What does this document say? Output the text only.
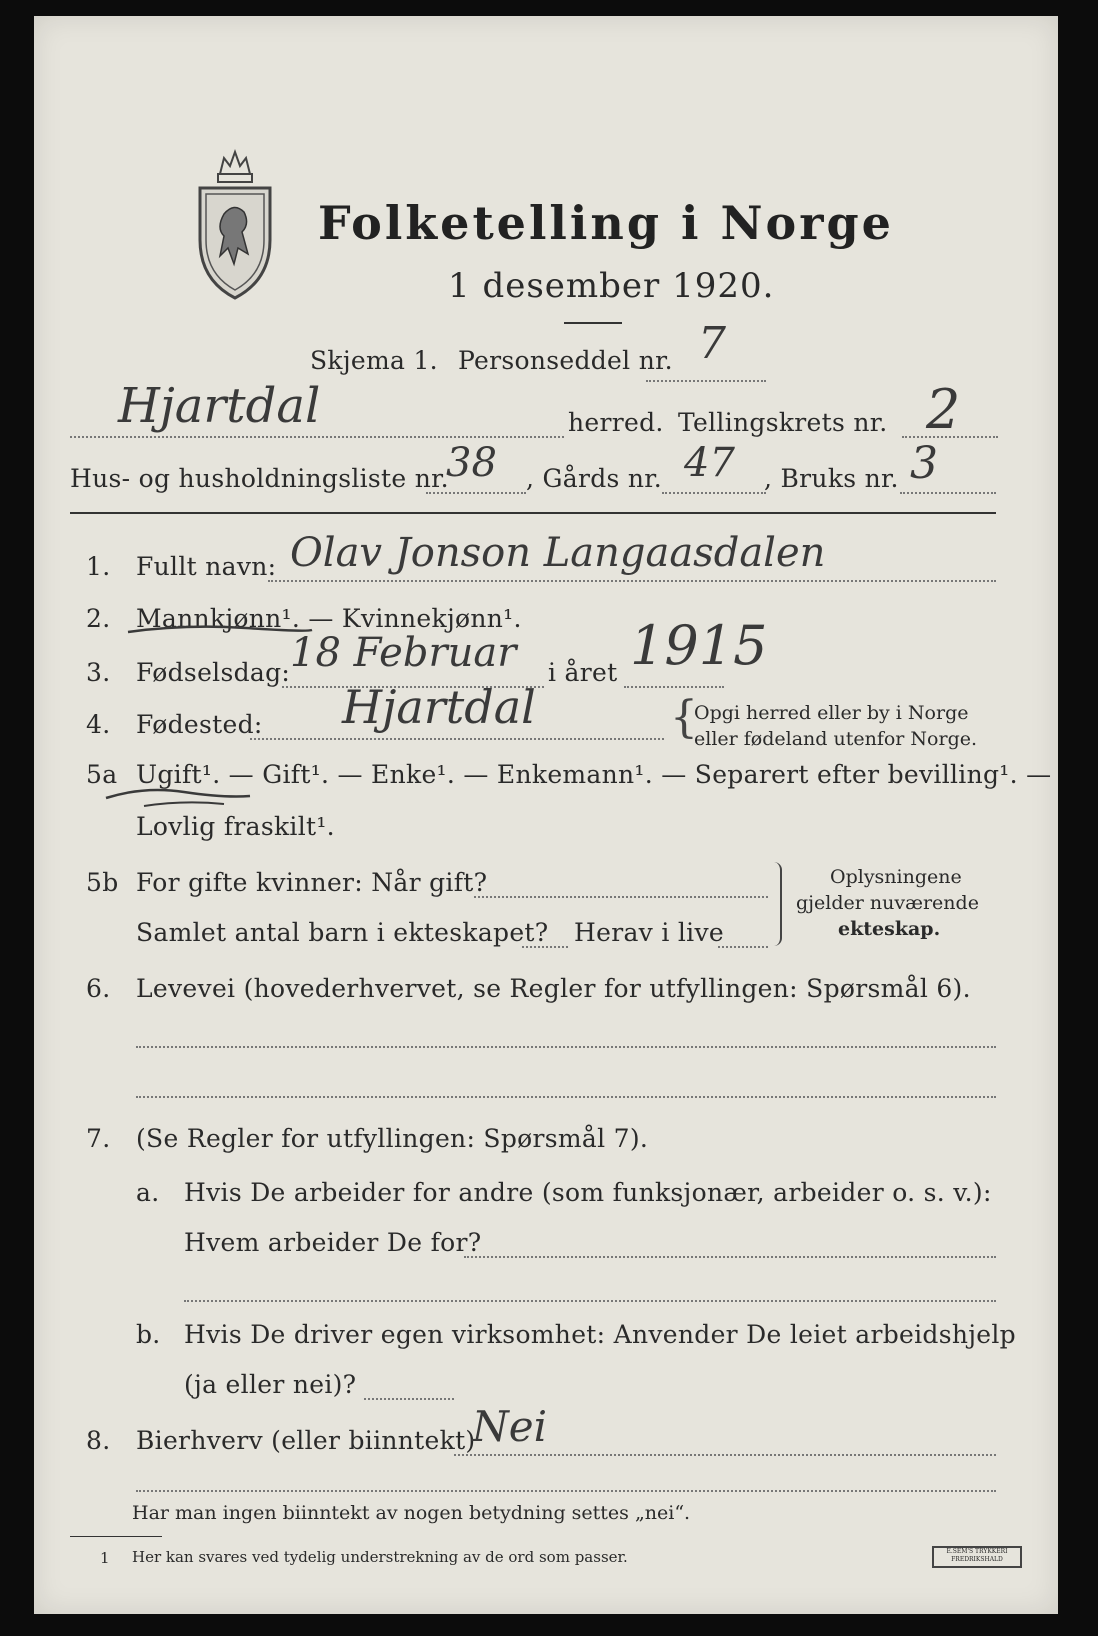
Folketelling i Norge
1 desember 1920.
Skjema 1. Personseddel nr. 7
Hjartdal	herred. Tellingskrets nr. 2
Hus- og husholdningsliste nr.
38 , Gårds nr. 47 , Bruks nr. 3
1. Fullt navn: Olav Jonson Langaasdalen
2. Mannkjønn¹. — Kvinnekjønn¹.
3. Fødselsdag: 18 Februar i året 1915
4. Fødested: Hjartdal	{
Opgi herred eller by i Norge
eller fødeland utenfor Norge.
5a Ugift¹. — Gift¹. — Enke¹. — Enkemann¹. — Separert efter bevilling¹. —
Lovlig fraskilt¹.
5b For gifte kvinner: Når gift?
Samlet antal barn i ekteskapet? Herav i live
Oplysningene
gjelder nuværende
ekteskap.
6. Levevei (hovederhvervet, se Regler for utfyllingen: Spørsmål 6).
7. (Se Regler for utfyllingen: Spørsmål 7).
a. Hvis De arbeider for andre (som funksjonær, arbeider o. s. v.):
Hvem arbeider De for?
b. Hvis De driver egen virksomhet: Anvender De leiet arbeidshjelp
(ja eller nei)?
8. Bierhverv (eller biinntekt)
Nei
Har man ingen biinntekt av nogen betydning settes „nei“.
1 Her kan svares ved tydelig understrekning av de ord som passer.	E.SEM'S TRYKKERI FREDRIKSHALD
